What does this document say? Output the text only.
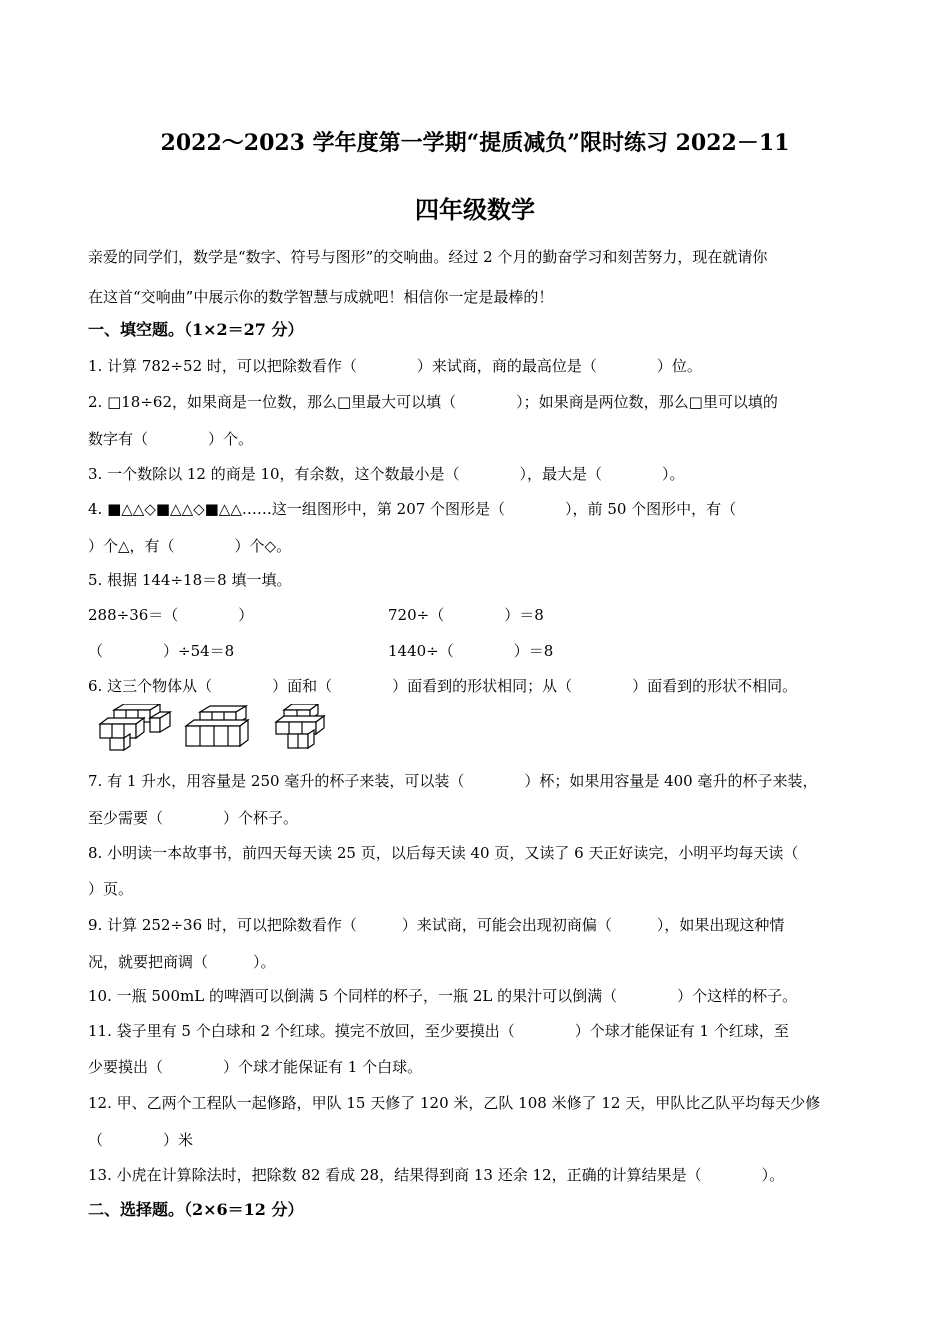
2022～2023 学年度第一学期“提质减负”限时练习 2022－11
四年级数学
亲爱的同学们，数学是“数字、符号与图形”的交响曲。经过 2 个月的勤奋学习和刻苦努力，现在就请你
在这首“交响曲”中展示你的数学智慧与成就吧！相信你一定是最棒的！
一、填空题。（1×2＝27 分）
1. 计算 782÷52 时，可以把除数看作（　　　　）来试商，商的最高位是（　　　　）位。
2. □18÷62，如果商是一位数，那么□里最大可以填（　　　　）；如果商是两位数，那么□里可以填的
数字有（　　　　）个。
3. 一个数除以 12 的商是 10，有余数，这个数最小是（　　　　），最大是（　　　　）。
4. ■△△◇■△△◇■△△……这一组图形中，第 207 个图形是（　　　　），前 50 个图形中，有（
）个△，有（　　　　）个◇。
5. 根据 144÷18＝8 填一填。
288÷36＝（　　　　）	720÷（　　　　）＝8
（　　　　）÷54＝8	1440÷（　　　　）＝8
6. 这三个物体从（　　　　）面和（　　　　）面看到的形状相同；从（　　　　）面看到的形状不相同。
7. 有 1 升水，用容量是 250 毫升的杯子来装，可以装（　　　　）杯；如果用容量是 400 毫升的杯子来装，
至少需要（　　　　）个杯子。
8. 小明读一本故事书，前四天每天读 25 页，以后每天读 40 页，又读了 6 天正好读完，小明平均每天读（
）页。
9. 计算 252÷36 时，可以把除数看作（　　　）来试商，可能会出现初商偏（　　　），如果出现这种情
况，就要把商调（　　　）。
10. 一瓶 500mL 的啤酒可以倒满 5 个同样的杯子，一瓶 2L 的果汁可以倒满（　　　　）个这样的杯子。
11. 袋子里有 5 个白球和 2 个红球。摸完不放回，至少要摸出（　　　　）个球才能保证有 1 个红球，至
少要摸出（　　　　）个球才能保证有 1 个白球。
12. 甲、乙两个工程队一起修路，甲队 15 天修了 120 米，乙队 108 米修了 12 天，甲队比乙队平均每天少修
（　　　　）米
13. 小虎在计算除法时，把除数 82 看成 28，结果得到商 13 还余 12，正确的计算结果是（　　　　）。
二、选择题。（2×6＝12 分）
